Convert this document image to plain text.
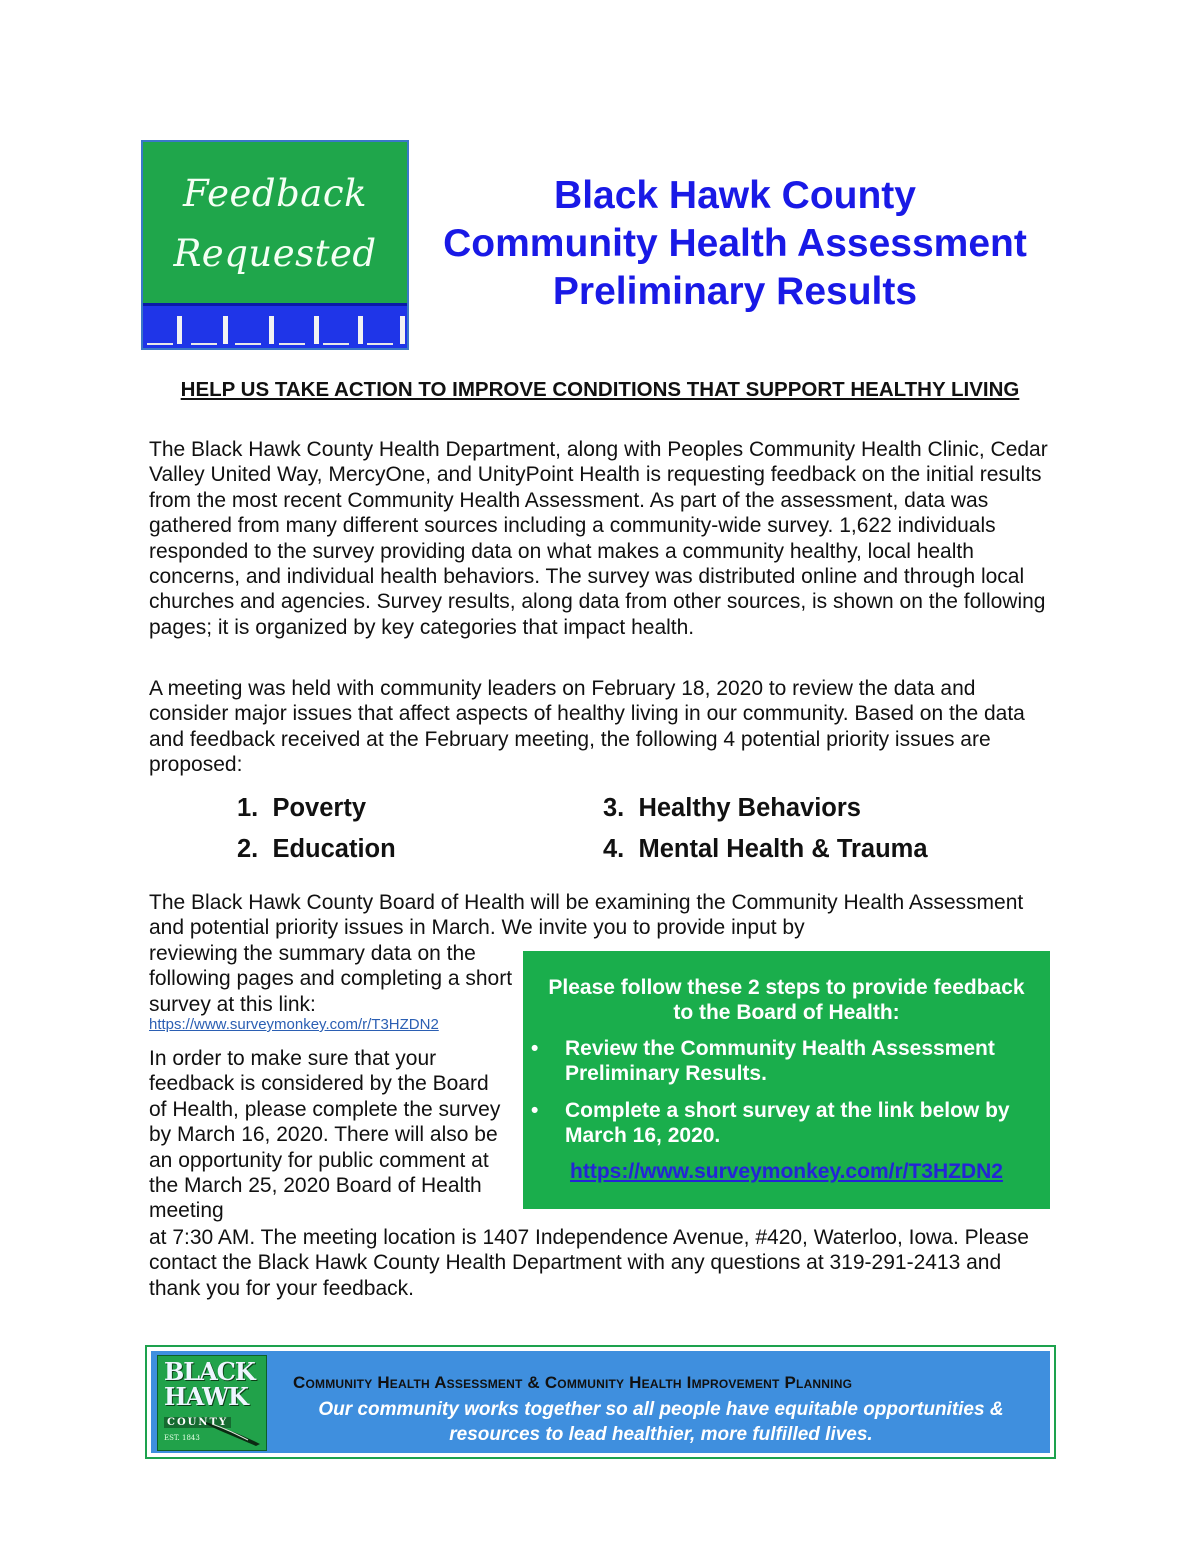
Feedback
Requested
Black Hawk County
Community Health Assessment
Preliminary Results
HELP US TAKE ACTION TO IMPROVE CONDITIONS THAT SUPPORT HEALTHY LIVING
The Black Hawk County Health Department, along with Peoples Community Health Clinic, Cedar Valley United Way, MercyOne, and UnityPoint Health is requesting feedback on the initial results from the most recent Community Health Assessment. As part of the assessment, data was gathered from many different sources including a community-wide survey. 1,622 individuals responded to the survey providing data on what makes a community healthy, local health concerns, and individual health behaviors. The survey was distributed online and through local churches and agencies. Survey results, along data from other sources, is shown on the following pages; it is organized by key categories that impact health.
A meeting was held with community leaders on February 18, 2020 to review the data and consider major issues that affect aspects of healthy living in our community. Based on the data and feedback received at the February meeting, the following 4 potential priority issues are proposed:
1. Poverty
2. Education
3. Healthy Behaviors
4. Mental Health & Trauma
The Black Hawk County Board of Health will be examining the Community Health Assessment and potential priority issues in March. We invite you to provide input by
reviewing the summary data on the following pages and completing a short survey at this link:
https://www.surveymonkey.com/r/T3HZDN2
In order to make sure that your feedback is considered by the Board of Health, please complete the survey by March 16, 2020. There will also be an opportunity for public comment at the March 25, 2020 Board of Health meeting
at 7:30 AM. The meeting location is 1407 Independence Avenue, #420, Waterloo, Iowa. Please contact the Black Hawk County Health Department with any questions at 319-291-2413 and thank you for your feedback.
Please follow these 2 steps to provide feedback to the Board of Health:
• Review the Community Health Assessment Preliminary Results.
• Complete a short survey at the link below by March 16, 2020.
https://www.surveymonkey.com/r/T3HZDN2
BLACK
HAWK
COUNTY
EST. 1843
Community Health Assessment & Community Health Improvement Planning
Our community works together so all people have equitable opportunities & resources to lead healthier, more fulfilled lives.
